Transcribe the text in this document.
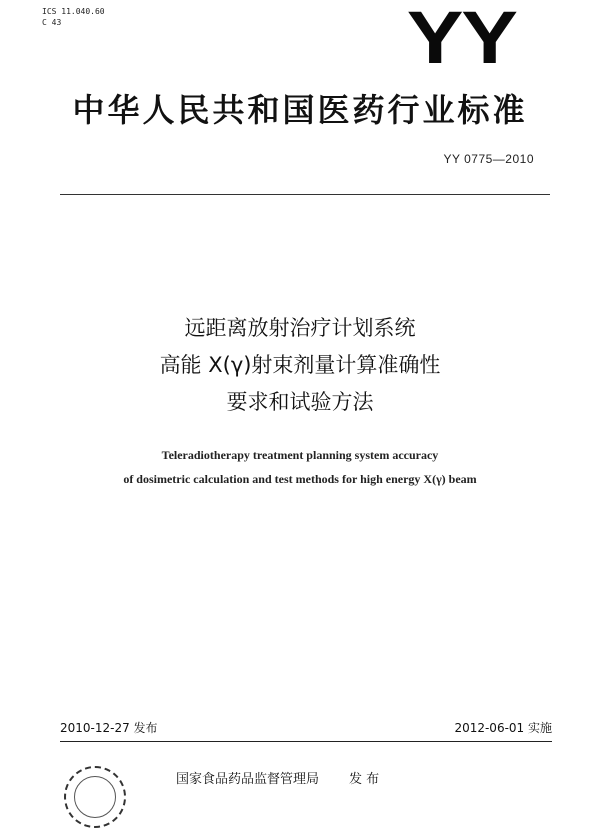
ICS 11.040.60
C 43	YY
中华人民共和国医药行业标准
YY 0775—2010
远距离放射治疗计划系统
高能 X(γ)射束剂量计算准确性
要求和试验方法
Teleradiotherapy treatment planning system accuracy
of dosimetric calculation and test methods for high energy X(γ) beam
2010-12-27 发布	2012-06-01 实施
国家食品药品监督管理局 发 布
